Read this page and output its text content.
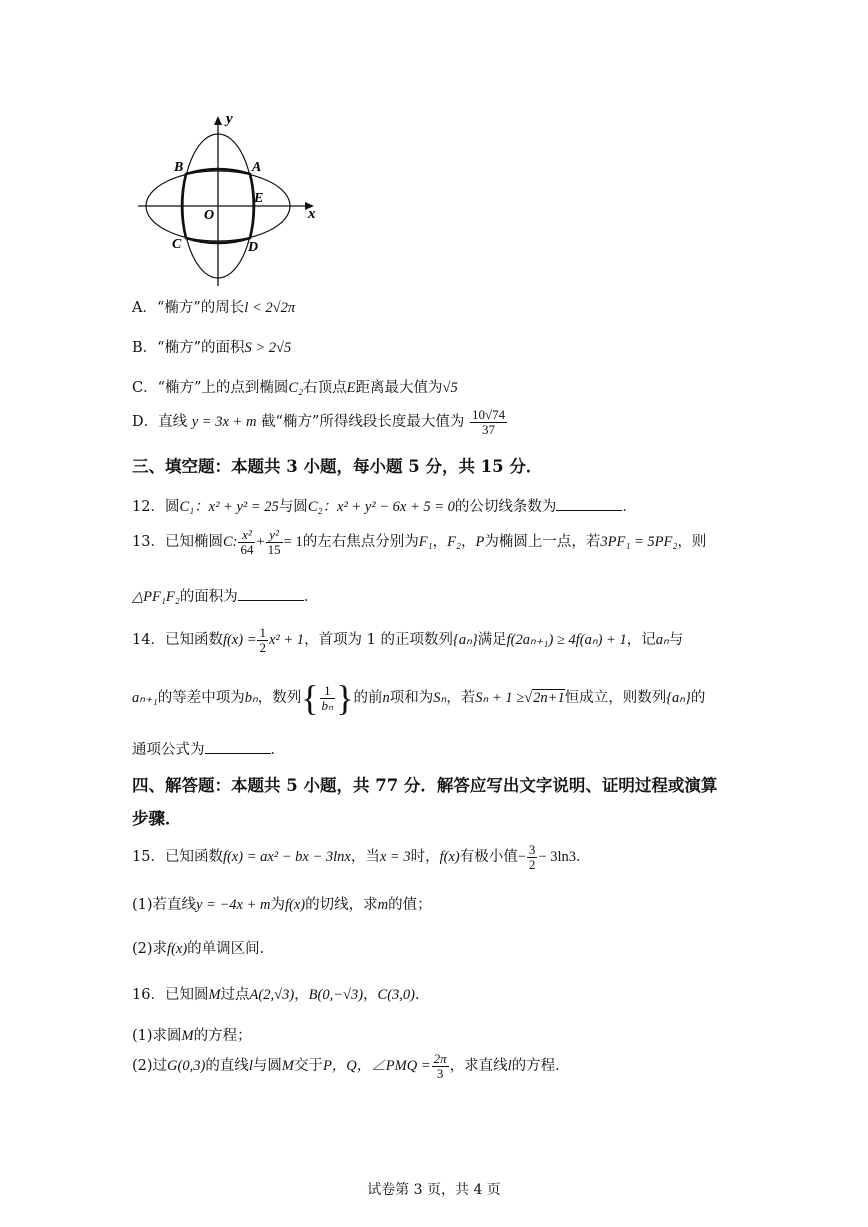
y
x
A
B
C	D
E
O
A．“椭方”的周长l < 2√2π
B．“椭方”的面积S > 2√5
C．“椭方”上的点到椭圆C₂右顶点E距离最大值为√5
D．直线 y = 3x + m 截“椭方”所得线段长度最大值为 $\frac{10√74}{37}$
三、填空题：本题共 3 小题，每小题 5 分，共 15 分．
12．圆C₁：x² + y² = 25与圆C₂：x² + y² − 6x + 5 = 0的公切线条数为	．
13．已知椭圆C: $\frac{\text{x²}}{64} + \frac{\text{y²}}{15} = 1$的左右焦点分别为F₁，F₂，P为椭圆上一点，若3PF₁ = 5PF₂，则
△PF₁F₂的面积为	．
14．已知函数$f(x) = \frac{1}{2} x^2 + 1$，首项为 1 的正项数列{aₙ}满足f(2aₙ₊₁) ≥ 4f(aₙ) + 1，记aₙ与
aₙ₊₁的等差中项为bₙ，数列{ $\frac{1}{\text{bₙ}}$ }的前n项和为Sₙ，若Sₙ + 1 ≥√2n+1恒成立，则数列{aₙ}的
通项公式为	．
四、解答题：本题共 5 小题，共 77 分．解答应写出文字说明、证明过程或演算
步骤．
15．已知函数f(x) = ax² − bx − 3lnx，当x = 3时，f(x)有极小值− $\frac{3}{2} - 3\ln 3$．
(1)若直线y = −4x + m为f(x)的切线，求m的值；
(2)求f(x)的单调区间．
16．已知圆M过点A(2,√3)，B(0,−√3)，C(3,0)．
(1)求圆M的方程；
(2)过G(0,3)的直线l与圆M交于P，Q，∠PMQ = $\frac{2\pi}{3}$ ，求直线l的方程．
试卷第 3 页，共 4 页
